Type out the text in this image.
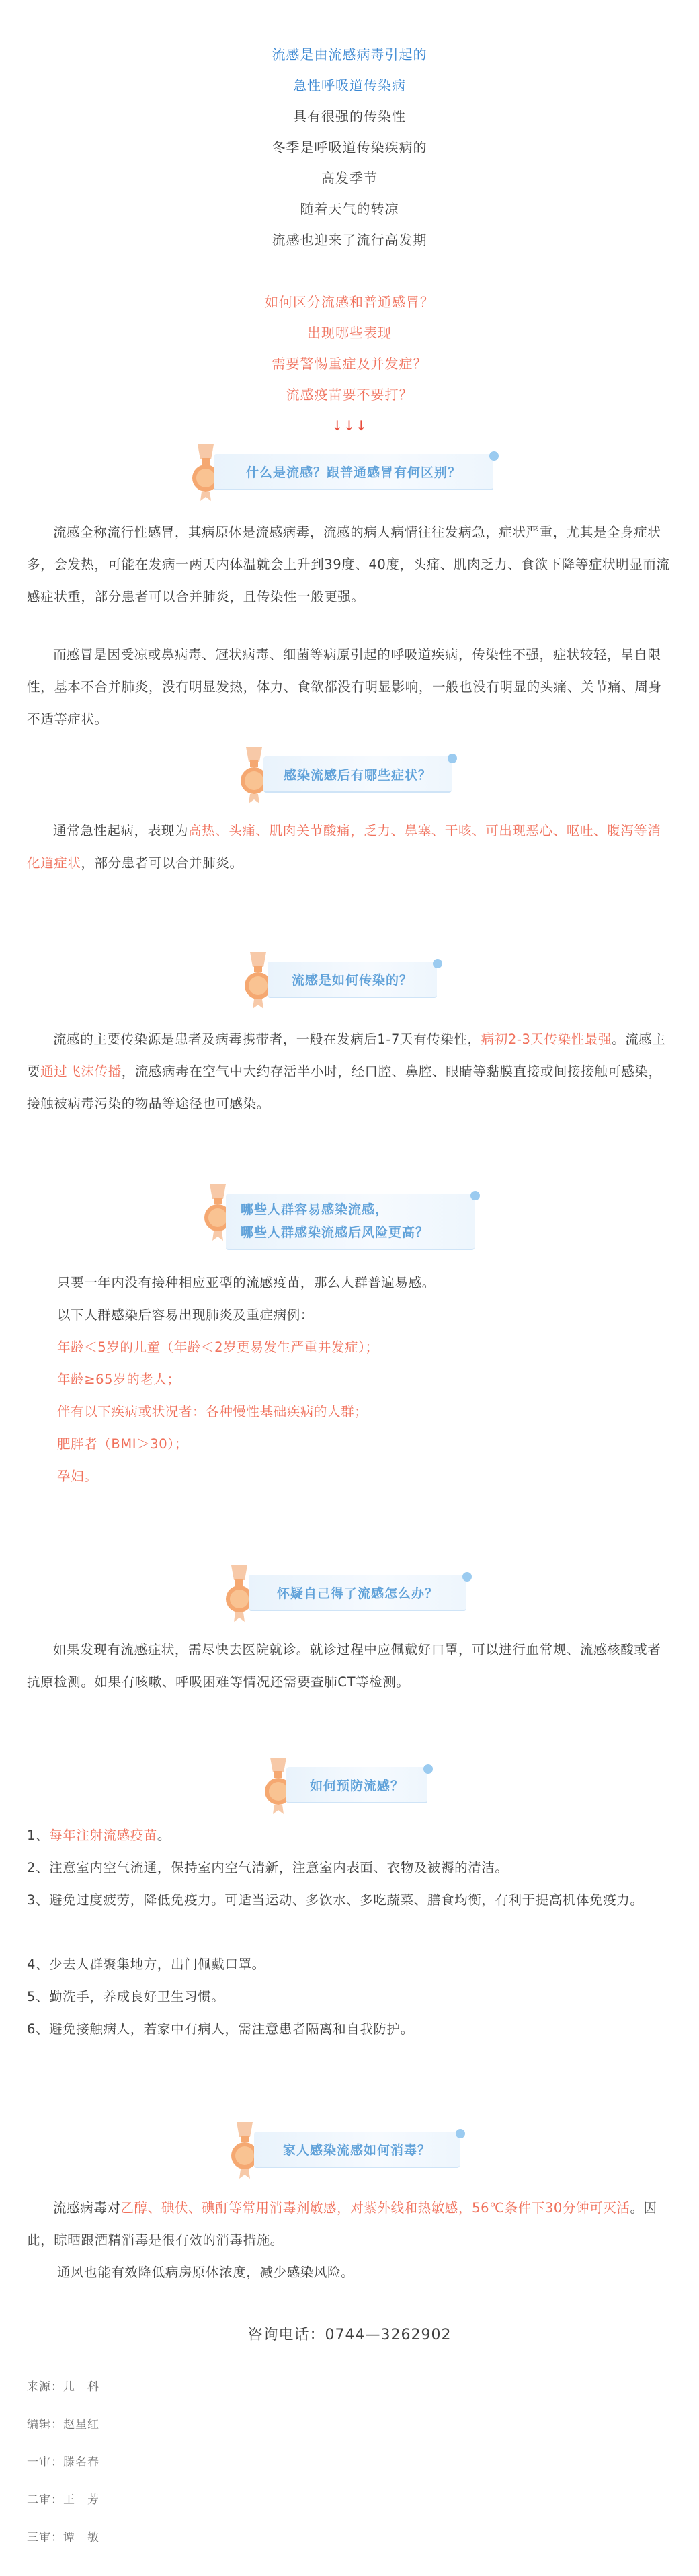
流感是由流感病毒引起的

急性呼吸道传染病

具有很强的传染性

冬季是呼吸道传染疾病的

高发季节

随着天气的转凉

流感也迎来了流行高发期

如何区分流感和普通感冒？

出现哪些表现

需要警惕重症及并发症？

流感疫苗要不要打？

↓↓↓

什么是流感？跟普通感冒有何区别？

流感全称流行性感冒，其病原体是流感病毒，流感的病人病情往往发病急，症状严重，尤其是全身症状多，会发热，可能在发病一两天内体温就会上升到39度、40度，头痛、肌肉乏力、食欲下降等症状明显而流感症状重，部分患者可以合并肺炎，且传染性一般更强。

而感冒是因受凉或鼻病毒、冠状病毒、细菌等病原引起的呼吸道疾病，传染性不强，症状较轻，呈自限性，基本不合并肺炎，没有明显发热，体力、食欲都没有明显影响，一般也没有明显的头痛、关节痛、周身不适等症状。

感染流感后有哪些症状？

通常急性起病，表现为高热、头痛、肌肉关节酸痛，乏力、鼻塞、干咳、可出现恶心、呕吐、腹泻等消化道症状，部分患者可以合并肺炎。

流感是如何传染的？

流感的主要传染源是患者及病毒携带者，一般在发病后1-7天有传染性，病初2-3天传染性最强。流感主要通过飞沫传播，流感病毒在空气中大约存活半小时，经口腔、鼻腔、眼睛等黏膜直接或间接接触可感染，接触被病毒污染的物品等途径也可感染。

哪些人群容易感染流感，
哪些人群感染流感后风险更高？

只要一年内没有接种相应亚型的流感疫苗，那么人群普遍易感。

以下人群感染后容易出现肺炎及重症病例：

年龄＜5岁的儿童（年龄＜2岁更易发生严重并发症）；

年龄≥65岁的老人；

伴有以下疾病或状况者：各种慢性基础疾病的人群；

肥胖者（BMI＞30）；

孕妇。

怀疑自己得了流感怎么办？

如果发现有流感症状，需尽快去医院就诊。就诊过程中应佩戴好口罩，可以进行血常规、流感核酸或者抗原检测。如果有咳嗽、呼吸困难等情况还需要查肺CT等检测。

如何预防流感？

1、每年注射流感疫苗。

2、注意室内空气流通，保持室内空气清新，注意室内表面、衣物及被褥的清洁。

3、避免过度疲劳，降低免疫力。可适当运动、多饮水、多吃蔬菜、膳食均衡，有利于提高机体免疫力。

4、少去人群聚集地方，出门佩戴口罩。

5、勤洗手，养成良好卫生习惯。

6、避免接触病人，若家中有病人，需注意患者隔离和自我防护。

家人感染流感如何消毒？

流感病毒对乙醇、碘伏、碘酊等常用消毒剂敏感，对紫外线和热敏感，56℃条件下30分钟可灭活。因此，晾晒跟酒精消毒是很有效的消毒措施。

通风也能有效降低病房原体浓度，减少感染风险。

咨询电话：0744—3262902
来源：儿　科
编辑：赵星红
一审：滕名春
二审：王　芳
三审：谭　敏
